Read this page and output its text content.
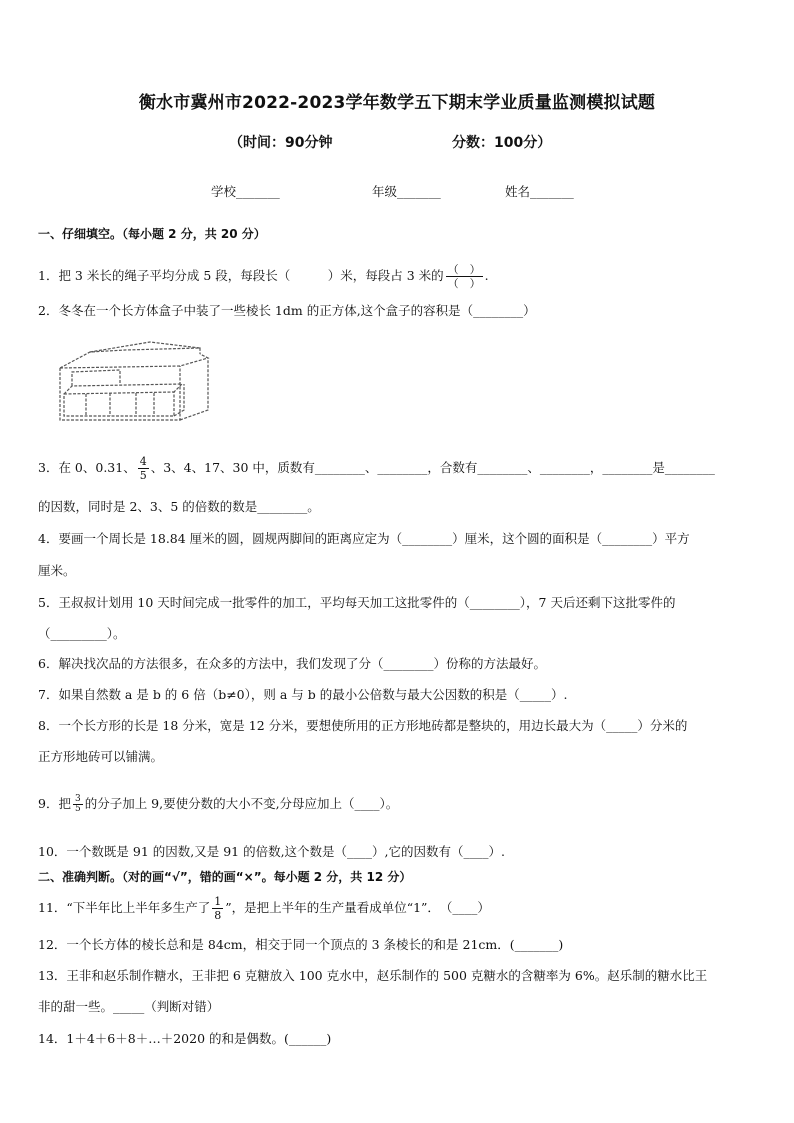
衡水市冀州市2022-2023学年数学五下期末学业质量监测模拟试题
（时间：90分钟	分数：100分）
学校_______	年级_______	姓名_______
一、仔细填空。（每小题 2 分，共 20 分）
1．把 3 米长的绳子平均分成 5 段，每段长（　　　）米，每段占 3 米的 $\frac{( )}{( )}$ .
2．冬冬在一个长方体盒子中装了一些棱长 1dm 的正方体,这个盒子的容积是（________）
3．在 0、0.31、 $\frac{4}{5}$ 、3、4、17、30 中，质数有________、________，合数有________、________，________是________
的因数，同时是 2、3、5 的倍数的数是________。
4．要画一个周长是 18.84 厘米的圆，圆规两脚间的距离应定为（________）厘米，这个圆的面积是（________）平方
厘米。
5．王叔叔计划用 10 天时间完成一批零件的加工，平均每天加工这批零件的（________），7 天后还剩下这批零件的
（_________）。
6．解决找次品的方法很多，在众多的方法中，我们发现了分（________）份称的方法最好。
7．如果自然数 a 是 b 的 6 倍（b≠0），则 a 与 b 的最小公倍数与最大公因数的积是（_____）.
8．一个长方形的长是 18 分米，宽是 12 分米，要想使所用的正方形地砖都是整块的，用边长最大为（_____）分米的
正方形地砖可以铺满。
9．把 $\frac{3}{5}$ 的分子加上 9,要使分数的大小不变,分母应加上（____）。
10．一个数既是 91 的因数,又是 91 的倍数,这个数是（____）,它的因数有（____）.
二、准确判断。（对的画“√”，错的画“×”。每小题 2 分，共 12 分）
11．“下半年比上半年多生产了 $\frac{1}{8}$ ”，是把上半年的生产量看成单位“1”．　（____）
12．一个长方体的棱长总和是 84cm，相交于同一个顶点的 3 条棱长的和是 21cm．(_______)
13．王非和赵乐制作糖水，王非把 6 克糖放入 100 克水中，赵乐制作的 500 克糖水的含糖率为 6%。赵乐制的糖水比王
非的甜一些。_____（判断对错）
14．1＋4＋6＋8＋…＋2020 的和是偶数。(______)
